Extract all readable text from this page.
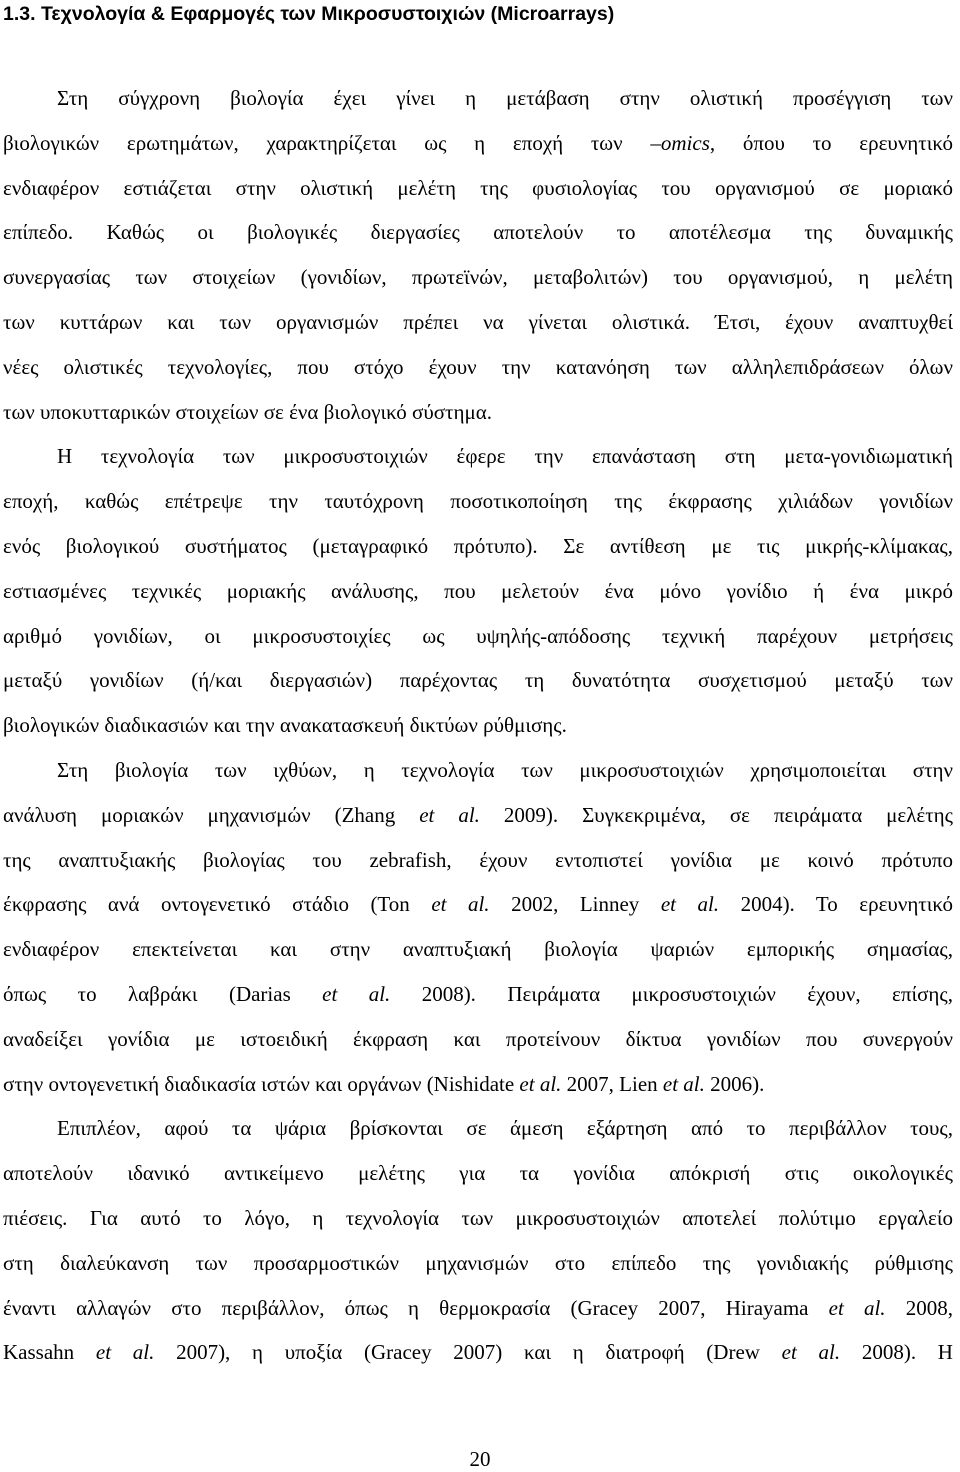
1.3. Τεχνολογία & Εφαρμογές των Μικροσυστοιχιών (Microarrays)
Στη σύγχρονη βιολογία έχει γίνει η μετάβαση στην ολιστική προσέγγιση των
βιολογικών ερωτημάτων, χαρακτηρίζεται ως η εποχή των –omics, όπου το ερευνητικό
ενδιαφέρον εστιάζεται στην ολιστική μελέτη της φυσιολογίας του οργανισμού σε μοριακό
επίπεδο. Καθώς οι βιολογικές διεργασίες αποτελούν το αποτέλεσμα της δυναμικής
συνεργασίας των στοιχείων (γονιδίων, πρωτεϊνών, μεταβολιτών) του οργανισμού, η μελέτη
των κυττάρων και των οργανισμών πρέπει να γίνεται ολιστικά. Έτσι, έχουν αναπτυχθεί
νέες ολιστικές τεχνολογίες, που στόχο έχουν την κατανόηση των αλληλεπιδράσεων όλων
των υποκυτταρικών στοιχείων σε ένα βιολογικό σύστημα.
Η τεχνολογία των μικροσυστοιχιών έφερε την επανάσταση στη μετα-γονιδιωματική
εποχή, καθώς επέτρεψε την ταυτόχρονη ποσοτικοποίηση της έκφρασης χιλιάδων γονιδίων
ενός βιολογικού συστήματος (μεταγραφικό πρότυπο). Σε αντίθεση με τις μικρής-κλίμακας,
εστιασμένες τεχνικές μοριακής ανάλυσης, που μελετούν ένα μόνο γονίδιο ή ένα μικρό
αριθμό γονιδίων, οι μικροσυστοιχίες ως υψηλής-απόδοσης τεχνική παρέχουν μετρήσεις
μεταξύ γονιδίων (ή/και διεργασιών) παρέχοντας τη δυνατότητα συσχετισμού μεταξύ των
βιολογικών διαδικασιών και την ανακατασκευή δικτύων ρύθμισης.
Στη βιολογία των ιχθύων, η τεχνολογία των μικροσυστοιχιών χρησιμοποιείται στην
ανάλυση μοριακών μηχανισμών (Zhang et al. 2009). Συγκεκριμένα, σε πειράματα μελέτης
της αναπτυξιακής βιολογίας του zebrafish, έχουν εντοπιστεί γονίδια με κοινό πρότυπο
έκφρασης ανά οντογενετικό στάδιο (Ton et al. 2002, Linney et al. 2004). Το ερευνητικό
ενδιαφέρον επεκτείνεται και στην αναπτυξιακή βιολογία ψαριών εμπορικής σημασίας,
όπως το λαβράκι (Darias et al. 2008). Πειράματα μικροσυστοιχιών έχουν, επίσης,
αναδείξει γονίδια με ιστοειδική έκφραση και προτείνουν δίκτυα γονιδίων που συνεργούν
στην οντογενετική διαδικασία ιστών και οργάνων (Nishidate et al. 2007, Lien et al. 2006).
Επιπλέον, αφού τα ψάρια βρίσκονται σε άμεση εξάρτηση από το περιβάλλον τους,
αποτελούν ιδανικό αντικείμενο μελέτης για τα γονίδια απόκρισή στις οικολογικές
πιέσεις. Για αυτό το λόγο, η τεχνολογία των μικροσυστοιχιών αποτελεί πολύτιμο εργαλείο
στη διαλεύκανση των προσαρμοστικών μηχανισμών στο επίπεδο της γονιδιακής ρύθμισης
έναντι αλλαγών στο περιβάλλον, όπως η θερμοκρασία (Gracey 2007, Hirayama et al. 2008,
Kassahn et al. 2007), η υποξία (Gracey 2007) και η διατροφή (Drew et al. 2008). Η
20
